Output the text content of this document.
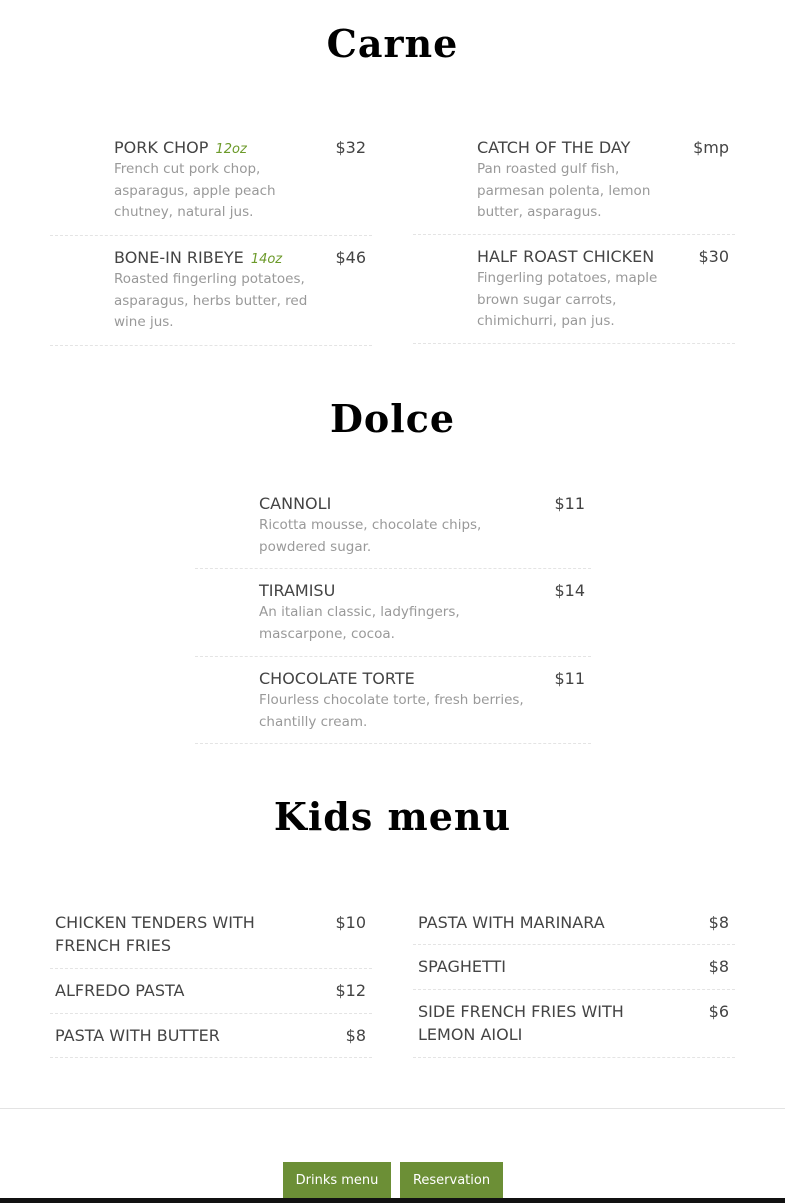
Carne
PORK CHOP 12oz
French cut pork chop, asparagus, apple peach chutney, natural jus.
$32
BONE-IN RIBEYE 14oz
Roasted fingerling potatoes, asparagus, herbs butter, red wine jus.
$46
CATCH OF THE DAY
Pan roasted gulf fish, parmesan polenta, lemon butter, asparagus.
$mp
HALF ROAST CHICKEN
Fingerling potatoes, maple brown sugar carrots, chimichurri, pan jus.
$30
Dolce
CANNOLI
Ricotta mousse, chocolate chips, powdered sugar.
$11
TIRAMISU
An italian classic, ladyfingers, mascarpone, cocoa.
$14
CHOCOLATE TORTE
Flourless chocolate torte, fresh berries, chantilly cream.
$11
Kids menu
CHICKEN TENDERS WITH FRENCH FRIES
$10
ALFREDO PASTA	$12
PASTA WITH BUTTER	$8
PASTA WITH MARINARA	$8
SPAGHETTI	$8
SIDE FRENCH FRIES WITH LEMON AIOLI
$6
Drinks menu	Reservation
